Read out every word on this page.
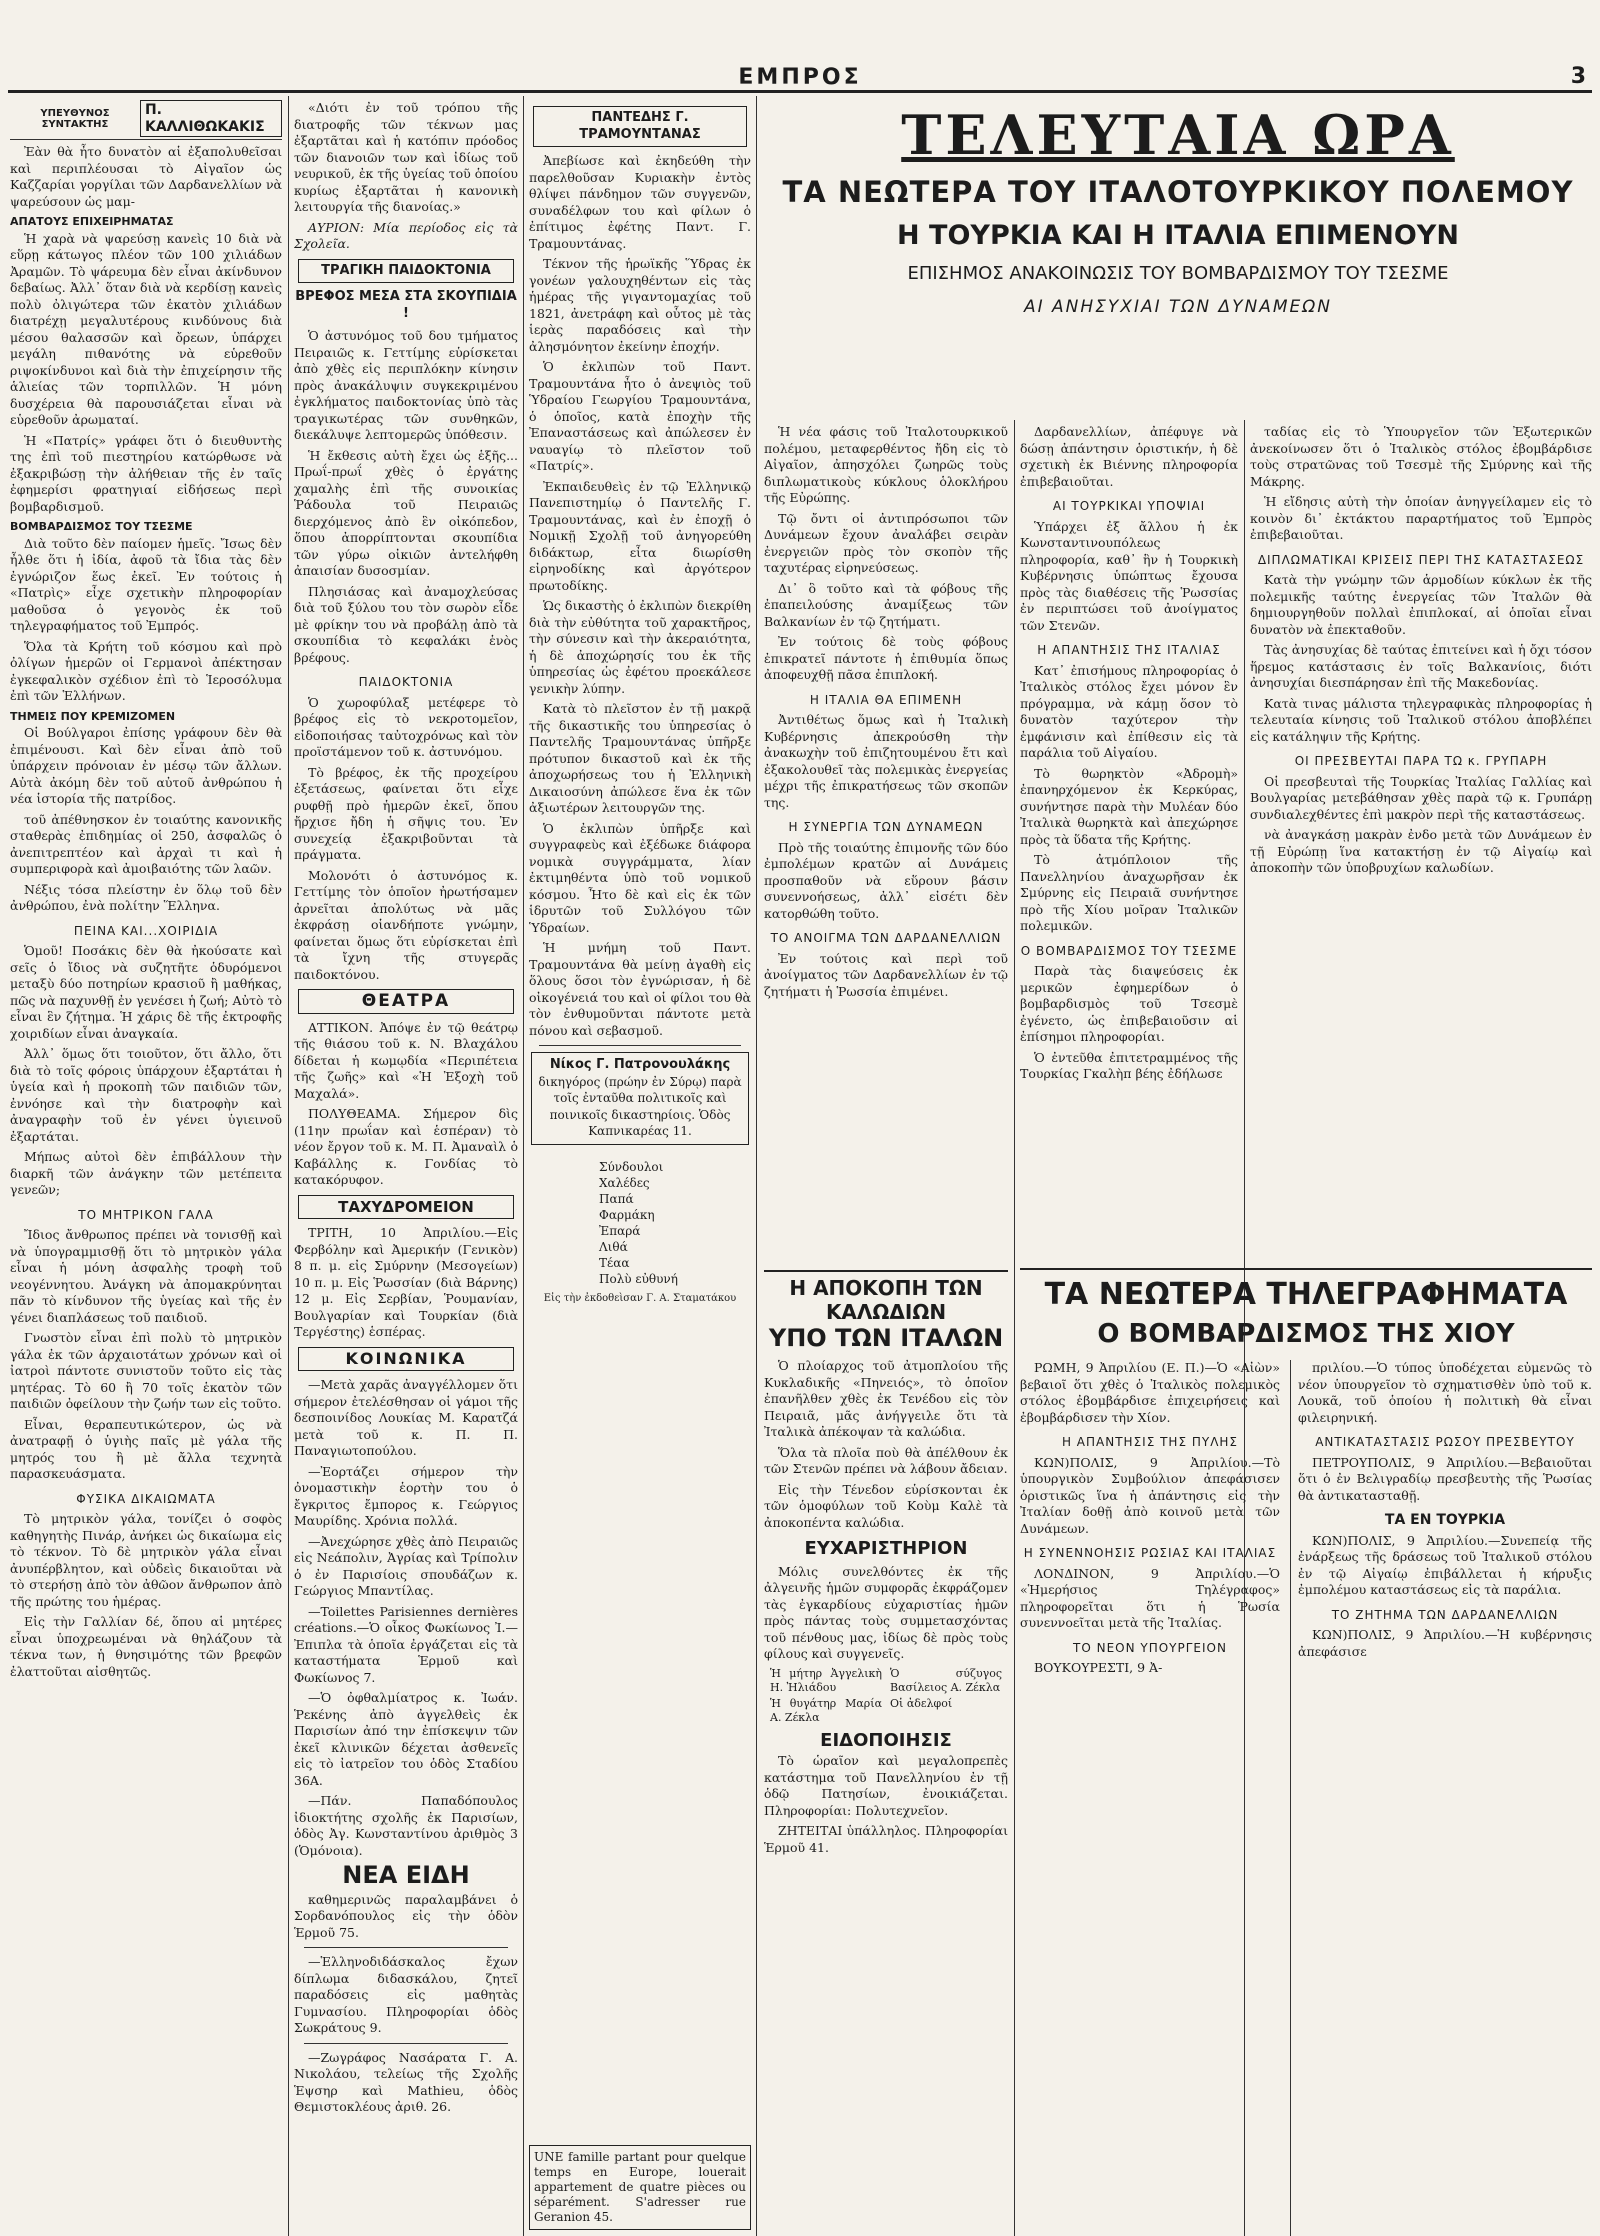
ΕΜΠΡΟΣ	3
ΥΠΕΥΘΥΝΟΣ ΣΥΝΤΑΚΤΗΣ
Π. ΚΑΛΛΙΘΩΚΑΚΙΣ

Ἐὰν θὰ ἦτο δυνατὸν αἱ ἐξαπολυθεῖσαι καὶ περιπλέουσαι τὸ Αἰγαῖον ὡς Καζζαρίαι γοργίλαι τῶν Δαρδανελλίων νὰ ψαρεύσουν ὡς μαμ-

ΑΠΑΤΟΥΣ ΕΠΙΧΕΙΡΗΜΑΤΑΣ

Ἡ χαρὰ νὰ ψαρεύσῃ κανεὶς 10 διὰ νὰ εὕρῃ κάτωγος πλέον τῶν 100 χιλιάδων Ἀραμῶν. Τὸ ψάρευμα δὲν εἶναι ἀκίνδυνον δεβαίως. Ἀλλ᾽ ὅταν διὰ νὰ κερδίσῃ κανεὶς πολὺ ὀλιγώτερα τῶν ἑκατὸν χιλιάδων διατρέχῃ μεγαλυτέρους κινδύνους διὰ μέσου θαλασσῶν καὶ ὄρεων, ὑπάρχει μεγάλη πιθανότης νὰ εὑρεθοῦν ριψοκίνδυνοι καὶ διὰ τὴν ἐπιχείρησιν τῆς ἁλιείας τῶν τορπιλλῶν. Ἡ μόνη δυσχέρεια θὰ παρουσιάζεται εἶναι νὰ εὑρεθοῦν ἀρωματαί.

Ἡ «Πατρίς» γράφει ὅτι ὁ διευθυντὴς της ἐπὶ τοῦ πιεστηρίου κατώρθωσε νὰ ἐξακριβώσῃ τὴν ἀλήθειαν τῆς ἐν ταῖς ἐφημερίσι φρατηγιαί εἰδήσεως περὶ βομβαρδισμοῦ.

ΒΟΜΒΑΡΔΙΣΜΟΣ ΤΟΥ ΤΣΕΣΜΕ

Διὰ τοῦτο δὲν παίομεν ἡμεῖς. Ἴσως δὲν ἦλθε ὅτι ἡ ἰδία, ἀφοῦ τὰ ἴδια τὰς δὲν ἐγνώριζον ἕως ἐκεῖ. Ἐν τούτοις ἡ «Πατρὶς» εἶχε σχετικὴν πληροφορίαν μαθοῦσα ὁ γεγονὸς ἐκ τοῦ τηλεγραφήματος τοῦ Ἐμπρός.

Ὅλα τὰ Κρήτη τοῦ κόσμου καὶ πρὸ ὀλίγων ἡμερῶν οἱ Γερμανοὶ ἀπέκτησαν ἐγκεφαλικὸν σχέδιον ἐπὶ τὸ Ἱεροσόλυμα ἐπὶ τῶν Ἑλλήνων.

ΤΗΜΕΙΣ ΠΟΥ ΚΡΕΜΙΖΟΜΕΝ

Οἱ Βούλγαροι ἐπίσης γράφουν δὲν θὰ ἐπιμένουσι. Καὶ δὲν εἶναι ἀπὸ τοῦ ὑπάρχειν πρόνοιαν ἐν μέσῳ τῶν ἄλλων. Αὐτὰ ἀκόμη δὲν τοῦ αὐτοῦ ἀνθρώπου ἡ νέα ἱστορία τῆς πατρίδος.

τοῦ ἀπέθνησκον ἐν τοιαύτης κανονικῆς σταθερὰς ἐπιδημίας οἱ 250, ἀσφαλῶς ὁ ἀνεπιτρεπτέον καὶ ἀρχαὶ τι καὶ ἡ συμπεριφορὰ καὶ ἀμοιβαιότης τῶν λαῶν.

Νέξις τόσα πλείστην ἐν ὅλῳ τοῦ δὲν ἀνθρώπου, ἐνὰ πολίτην Ἕλληνα.

ΠΕΙΝΑ ΚΑΙ...ΧΟΙΡΙΔΙΑ

Ὁμοῦ! Ποσάκις δὲν θὰ ἠκούσατε καὶ σεῖς ὁ ἴδιος νὰ συζητῆτε ὁδυρόμενοι μεταξὺ δύο ποτηρίων κρασιοῦ ἢ μαθήκας, πῶς νὰ παχυνθῇ ἐν γενέσει ἡ ζωή; Αὐτὸ τὸ εἶναι ἓν ζήτημα. Ἡ χάρις δὲ τῆς ἐκτροφῆς χοιριδίων εἶναι ἀναγκαία.

Ἀλλ᾽ ὅμως ὅτι τοιοῦτον, ὅτι ἄλλο, ὅτι διὰ τὸ τοῖς φόροις ὑπάρχουν ἐξαρτάται ἡ ὑγεία καὶ ἡ προκοπὴ τῶν παιδιῶν τῶν, ἐννόησε καὶ τὴν διατροφὴν καὶ ἀναγραφὴν τοῦ ἐν γένει ὑγιεινοῦ ἐξαρτάται.

Μήπως αὐτοὶ δὲν ἐπιβάλλουν τὴν διαρκῆ τῶν ἀνάγκην τῶν μετέπειτα γενεῶν;

ΤΟ ΜΗΤΡΙΚΟΝ ΓΑΛΑ

Ἴδιος ἄνθρωπος πρέπει νὰ τονισθῇ καὶ νὰ ὑπογραμμισθῇ ὅτι τὸ μητρικὸν γάλα εἶναι ἡ μόνη ἀσφαλὴς τροφὴ τοῦ νεογέννητου. Ἀνάγκη νὰ ἀπομακρύνηται πᾶν τὸ κίνδυνον τῆς ὑγείας καὶ τῆς ἐν γένει διαπλάσεως τοῦ παιδιοῦ.

Γνωστὸν εἶναι ἐπὶ πολὺ τὸ μητρικὸν γάλα ἐκ τῶν ἀρχαιοτάτων χρόνων καὶ οἱ ἰατροὶ πάντοτε συνιστοῦν τοῦτο εἰς τὰς μητέρας. Τὸ 60 ἢ 70 τοῖς ἑκατὸν τῶν παιδιῶν ὀφείλουν τὴν ζωήν των εἰς τοῦτο.

Εἶναι, θεραπευτικώτερον, ὡς νὰ ἀνατραφῇ ὁ ὑγιὴς παῖς μὲ γάλα τῆς μητρός του ἢ μὲ ἄλλα τεχνητὰ παρασκευάσματα.

ΦΥΣΙΚΑ ΔΙΚΑΙΩΜΑΤΑ

Τὸ μητρικὸν γάλα, τονίζει ὁ σοφὸς καθηγητὴς Πινάρ, ἀνήκει ὡς δικαίωμα εἰς τὸ τέκνον. Τὸ δὲ μητρικὸν γάλα εἶναι ἀνυπέρβλητον, καὶ οὐδεὶς δικαιοῦται νὰ τὸ στερήσῃ ἀπὸ τὸν ἀθῶον ἄνθρωπον ἀπὸ τῆς πρώτης του ἡμέρας.

Εἰς τὴν Γαλλίαν δέ, ὅπου αἱ μητέρες εἶναι ὑποχρεωμέναι νὰ θηλάζουν τὰ τέκνα των, ἡ θνησιμότης τῶν βρεφῶν ἐλαττοῦται αἰσθητῶς.

«Διότι ἐν τοῦ τρόπου τῆς διατροφῆς τῶν τέκνων μας ἐξαρτᾶται καὶ ἡ κατόπιν πρόοδος τῶν διανοιῶν των καὶ ἰδίως τοῦ νευρικοῦ, ἐκ τῆς ὑγείας τοῦ ὁποίου κυρίως ἐξαρτᾶται ἡ κανονικὴ λειτουργία τῆς διανοίας.»

ΑΥΡΙΟΝ: Μία περίοδος εἰς τὰ Σχολεῖα.

ΤΡΑΓΙΚΗ ΠΑΙΔΟΚΤΟΝΙΑ
ΒΡΕΦΟΣ ΜΕΣΑ ΣΤΑ ΣΚΟΥΠΙΔΙΑ !

Ὁ ἀστυνόμος τοῦ δου τμήματος Πειραιῶς κ. Γεττίμης εὑρίσκεται ἀπὸ χθὲς εἰς περιπλόκην κίνησιν πρὸς ἀνακάλυψιν συγκεκριμένου ἐγκλήματος παιδοκτονίας ὑπὸ τὰς τραγικωτέρας τῶν συνθηκῶν, διεκάλυψε λεπτομερῶς ὑπόθεσιν.

Ἡ ἔκθεσις αὐτὴ ἔχει ὡς ἑξῆς... Πρωΐ-πρωΐ χθὲς ὁ ἐργάτης χαμαλὴς ἐπὶ τῆς συνοικίας Ῥάδουλα τοῦ Πειραιῶς διερχόμενος ἀπὸ ἓν οἰκόπεδον, ὅπου ἀπορρίπτονται σκουπίδια τῶν γύρω οἰκιῶν ἀντελήφθη ἀπαισίαν δυσοσμίαν.

Πλησιάσας καὶ ἀναμοχλεύσας διὰ τοῦ ξύλου του τὸν σωρὸν εἶδε μὲ φρίκην του νὰ προβάλῃ ἀπὸ τὰ σκουπίδια τὸ κεφαλάκι ἑνὸς βρέφους.

ΠΑΙΔΟΚΤΟΝΙΑ

Ὁ χωροφύλαξ μετέφερε τὸ βρέφος εἰς τὸ νεκροτομεῖον, εἰδοποιήσας ταὐτοχρόνως καὶ τὸν προϊστάμενον τοῦ κ. ἀστυνόμου.

Τὸ βρέφος, ἐκ τῆς πρoχείρου ἐξετάσεως, φαίνεται ὅτι εἶχε ρυφθῇ πρὸ ἡμερῶν ἐκεῖ, ὅπου ἤρχισε ἤδη ἡ σῆψις του. Ἐν συνεχείᾳ ἐξακριβοῦνται τὰ πράγματα.

Μολονότι ὁ ἀστυνόμος κ. Γεττίμης τὸν ὁποῖον ἠρωτήσαμεν ἀρνεῖται ἀπολύτως νὰ μᾶς ἐκφράσῃ οἱανδήποτε γνώμην, φαίνεται ὅμως ὅτι εὑρίσκεται ἐπὶ τὰ ἴχνη τῆς στυγερᾶς παιδοκτόνου.

ΘΕΑΤΡΑ

ΑΤΤΙΚΟΝ. Ἀπόψε ἐν τῷ θεάτρῳ τῆς θιάσου τοῦ κ. Ν. Βλαχάλου δίδεται ἡ κωμῳδία «Περιπέτεια τῆς ζωῆς» καὶ «Ἡ Ἐξοχὴ τοῦ Μαχαλά».

ΠΟΛΥΘΕΑΜΑ. Σήμερον δὶς (11ην πρωΐαν καὶ ἑσπέραν) τὸ νέον ἔργον τοῦ κ. Μ. Π. Ἀμαναὶλ ὁ Καβάλλης κ. Γονδίας τὸ κατακόρυφον.

ΤΑΧΥΔΡΟΜΕΙΟΝ

ΤΡΙΤΗ, 10 Ἀπριλίου.—Εἰς Φερβόλην καὶ Ἀμερικήν (Γενικὸν) 8 π. μ. εἰς Σμύρνην (Μεσογείων) 10 π. μ. Εἰς Ῥωσσίαν (διὰ Βάρνης) 12 μ. Εἰς Σερβίαν, Ῥουμανίαν, Βουλγαρίαν καὶ Τουρκίαν (διὰ Τεργέστης) ἑσπέρας.

ΚΟΙΝΩΝΙΚΑ

—Μετὰ χαρᾶς ἀναγγέλλομεν ὅτι σήμερον ἐτελέσθησαν οἱ γάμοι τῆς δεσποινίδος Λουκίας Μ. Καρατζά μετὰ τοῦ κ. Π. Π. Παναγιωτοπούλου.

—Ἐορτάζει σήμερον τὴν ὀνομαστικὴν ἑορτὴν του ὁ ἔγκριτος ἔμπορος κ. Γεώργιος Μαυρίδης. Χρόνια πολλά.

—Ἀνεχώρησε χθὲς ἀπὸ Πειραιῶς εἰς Νεάπολιν, Ἀγρίας καὶ Τρίπολιν ὁ ἐν Παρισίοις σπουδάζων κ. Γεώργιος Μπαντίλας.

—Toilettes Parisiennes dernières créations.—Ὁ οἶκος Φωκίωνος Ἰ.—Ἐπιπλα τὰ ὁποῖα ἐργάζεται εἰς τὰ καταστήματα Ἑρμοῦ καὶ Φωκίωνος 7.

—Ὁ ὀφθαλμίατρος κ. Ἰωάν. Ῥεκένης ἀπὸ ἀγγελθεὶς ἐκ Παρισίων ἀπό την ἐπίσκεψιν τῶν ἐκεῖ κλινικῶν δέχεται ἀσθενεῖς εἰς τὸ ἰατρεῖον του ὁδὸς Σταδίου 36Α.

—Πάν. Παπαδόπουλος ἰδιοκτήτης σχολῆς ἐκ Παρισίων, ὁδὸς Ἀγ. Κωνσταντίνου ἀριθμὸς 3 (Ὁμόνοια).

ΝΕΑ ΕΙΔΗ

καθημερινῶς παραλαμβάνει ὁ Σορδανόπουλος εἰς τὴν ὁδὸν Ἑρμοῦ 75.

—Ἑλληνοδιδάσκαλος ἔχων δίπλωμα διδασκάλου, ζητεῖ παραδόσεις εἰς μαθητὰς Γυμνασίου. Πληροφορίαι ὁδὸς Σωκράτους 9.

—Ζωγράφος Νασάρατα Γ. Α. Νικολάου, τελείως τῆς Σχολῆς Ἑψσηρ καὶ Mathieu, ὁδὸς Θεμιστοκλέους ἀριθ. 26.

ΠΑΝΤΕΔΗΣ Γ. ΤΡΑΜΟΥΝΤΑΝΑΣ

Ἀπεβίωσε καὶ ἐκηδεύθη τὴν παρελθοῦσαν Κυριακὴν ἐντὸς θλίψει πάνδημον τῶν συγγενῶν, συναδέλφων του καὶ φίλων ὁ ἐπίτιμος ἐφέτης Παντ. Γ. Τραμουντάνας.

Τέκνον τῆς ἡρωϊκῆς Ὕδρας ἐκ γονέων γαλουχηθέντων εἰς τὰς ἡμέρας τῆς γιγαντομαχίας τοῦ 1821, ἀνετράφη καὶ οὗτος μὲ τὰς ἱερὰς παραδόσεις καὶ τὴν ἀλησμόνητον ἐκείνην ἐποχήν.

Ὁ ἐκλιπὼν τοῦ Παντ. Τραμουντάνα ἦτο ὁ ἀνεψιὸς τοῦ Ὑδραίου Γεωργίου Τραμουντάνα, ὁ ὁποῖος, κατὰ ἐποχὴν τῆς Ἐπαναστάσεως καὶ ἀπώλεσεν ἐν ναυαγίῳ τὸ πλεῖστον τοῦ «Πατρίς».

Ἐκπαιδευθεὶς ἐν τῷ Ἑλληνικῷ Πανεπιστημίῳ ὁ Παντελῆς Γ. Τραμουντάνας, καὶ ἐν ἐποχῇ ὁ Νομικῇ Σχολῇ τοῦ ἀνηγορεύθη διδάκτωρ, εἶτα διωρίσθη εἰρηνοδίκης καὶ ἀργότερον πρωτοδίκης.

Ὡς δικαστὴς ὁ ἐκλιπὼν διεκρίθη διὰ τὴν εὐθύτητα τοῦ χαρακτῆρος, τὴν σύνεσιν καὶ τὴν ἀκεραιότητα, ἡ δὲ ἀποχώρησίς του ἐκ τῆς ὑπηρεσίας ὡς ἐφέτου προεκάλεσε γενικὴν λύπην.

Κατὰ τὸ πλεῖστον ἐν τῇ μακρᾷ τῆς δικαστικῆς του ὑπηρεσίας ὁ Παντελῆς Τραμουντάνας ὑπῆρξε πρότυπον δικαστοῦ καὶ ἐκ τῆς ἀποχωρήσεως του ἡ Ἑλληνικὴ Δικαιοσύνη ἀπώλεσε ἕνα ἐκ τῶν ἀξιωτέρων λειτουργῶν της.

Ὁ ἐκλιπὼν ὑπῆρξε καὶ συγγραφεὺς καὶ ἐξέδωκε διάφορα νομικὰ συγγράμματα, λίαν ἐκτιμηθέντα ὑπὸ τοῦ νομικοῦ κόσμου. Ἦτο δὲ καὶ εἰς ἐκ τῶν ἱδρυτῶν τοῦ Συλλόγου τῶν Ὑδραίων.

Ἡ μνήμη τοῦ Παντ. Τραμουντάνα θὰ μείνῃ ἀγαθὴ εἰς ὅλους ὅσοι τὸν ἐγνώρισαν, ἡ δὲ οἰκογένειά του καὶ οἱ φίλοι του θὰ τὸν ἐνθυμοῦνται πάντοτε μετὰ πόνου καὶ σεβασμοῦ.

Νίκος Γ. Πατρονουλάκης
δικηγόρος (πρώην ἐν Σύρῳ) παρὰ τοῖς ἐνταῦθα πολιτικοῖς καὶ ποινικοῖς δικαστηρίοις. Ὁδὸς Καπνικαρέας 11.
Σύνδουλοι
Χαλέδες
Παπά
Φαρμάκη
Ἐπαρά
Λιθά
Τέαα
Πολὺ εὐθυνή
Εἰς τὴν ἐκδοθεὶσαν Γ. Α. Σταματάκου
UNE famille partant pour quelque temps en Europe, louerait appartement de quatre pièces ou séparément. S'adresser rue Geranion 45.
ΤΕΛΕΥΤΑΙΑ ΩΡΑ
ΤΑ ΝΕΩΤΕΡΑ ΤΟΥ ΙΤΑΛΟΤΟΥΡΚΙΚΟΥ ΠΟΛΕΜΟΥ
Η ΤΟΥΡΚΙΑ ΚΑΙ Η ΙΤΑΛΙΑ ΕΠΙΜΕΝΟΥΝ
ΕΠΙΣΗΜΟΣ ΑΝΑΚΟΙΝΩΣΙΣ ΤΟΥ ΒΟΜΒΑΡΔΙΣΜΟΥ ΤΟΥ ΤΣΕΣΜΕ
ΑΙ ΑΝΗΣΥΧΙΑΙ ΤΩΝ ΔΥΝΑΜΕΩΝ

Ἡ νέα φάσις τοῦ Ἰταλοτουρκικοῦ πολέμου, μεταφερθέντος ἤδη εἰς τὸ Αἰγαῖον, ἀπησχόλει ζωηρῶς τοὺς διπλωματικοὺς κύκλους ὁλοκλήρου τῆς Εὐρώπης.

Τῷ ὄντι οἱ ἀντιπρόσωποι τῶν Δυνάμεων ἔχουν ἀναλάβει σειρὰν ἐνεργειῶν πρὸς τὸν σκοπὸν τῆς ταχυτέρας εἰρηνεύσεως.

Δι᾽ ὃ τοῦτο καὶ τὰ φόβους τῆς ἐπαπειλούσης ἀναμίξεως τῶν Βαλκανίων ἐν τῷ ζητήματι.

Ἐν τούτοις δὲ τοὺς φόβους ἐπικρατεῖ πάντοτε ἡ ἐπιθυμία ὅπως ἀποφευχθῇ πᾶσα ἐπιπλοκή.

Η ΙΤΑΛΙΑ ΘΑ ΕΠΙΜΕΝΗ

Ἀντιθέτως ὅμως καὶ ἡ Ἰταλικὴ Κυβέρνησις ἀπεκρούσθη τὴν ἀνακωχὴν τοῦ ἐπιζητουμένου ἔτι καὶ ἐξακολουθεῖ τὰς πολεμικὰς ἐνεργείας μέχρι τῆς ἐπικρατήσεως τῶν σκοπῶν της.

Η ΣΥΝΕΡΓΙΑ ΤΩΝ ΔΥΝΑΜΕΩΝ

Πρὸ τῆς τοιαύτης ἐπιμονῆς τῶν δύο ἐμπολέμων κρατῶν αἱ Δυνάμεις προσπαθοῦν νὰ εὕρουν βάσιν συνεννοήσεως, ἀλλ᾽ εἰσέτι δὲν κατορθώθη τοῦτο.

ΤΟ ΑΝΟΙΓΜΑ ΤΩΝ ΔΑΡΔΑΝΕΛΛΙΩΝ

Ἐν τούτοις καὶ περὶ τοῦ ἀνοίγματος τῶν Δαρδανελλίων ἐν τῷ ζητήματι ἡ Ῥωσσία ἐπιμένει.

Δαρδανελλίων, ἀπέφυγε νὰ δώσῃ ἀπάντησιν ὁριστικήν, ἡ δὲ σχετικὴ ἐκ Βιέννης πληροφορία ἐπιβεβαιοῦται.

ΑΙ ΤΟΥΡΚΙΚΑΙ ΥΠΟΨΙΑΙ

Ὑπάρχει ἐξ ἄλλου ἡ ἐκ Κωνσταντινουπόλεως πληροφορία, καθ᾽ ἣν ἡ Τουρκικὴ Κυβέρνησις ὑπώπτως ἔχουσα πρὸς τὰς διαθέσεις τῆς Ῥωσσίας ἐν περιπτώσει τοῦ ἀνοίγματος τῶν Στενῶν.

Η ΑΠΑΝΤΗΣΙΣ ΤΗΣ ΙΤΑΛΙΑΣ

Κατ᾽ ἐπισήμους πληροφορίας ὁ Ἰταλικὸς στόλος ἔχει μόνον ἓν πρόγραμμα, νὰ κάμῃ ὅσον τὸ δυνατὸν ταχύτερον τὴν ἐμφάνισιν καὶ ἐπίθεσιν εἰς τὰ παράλια τοῦ Αἰγαίου.

Τὸ θωρηκτὸν «Ἀδρομὴ» ἐπανηρχόμενον ἐκ Κερκύρας, συνήντησε παρὰ τὴν Μυλέαν δύο Ἰταλικὰ θωρηκτὰ καὶ ἀπεχώρησε πρὸς τὰ ὕδατα τῆς Κρήτης.

Τὸ ἀτμόπλοιον τῆς Πανελληνίου ἀναχωρῆσαν ἐκ Σμύρνης εἰς Πειραιᾶ συνήντησε πρὸ τῆς Χίου μοῖραν Ἰταλικῶν πολεμικῶν.

Ο ΒΟΜΒΑΡΔΙΣΜΟΣ ΤΟΥ ΤΣΕΣΜΕ

Παρὰ τὰς διαψεύσεις ἐκ μερικῶν ἐφημερίδων ὁ βομβαρδισμὸς τοῦ Τσεσμὲ ἐγένετο, ὡς ἐπιβεβαιοῦσιν αἱ ἐπίσημοι πληροφορίαι.

Ὁ ἐντεῦθα ἐπιτετραμμένος τῆς Τουρκίας Γκαλὴπ βέης ἐδήλωσε

ταδίας εἰς τὸ Ὑπουργεῖον τῶν Ἐξωτερικῶν ἀνεκοίνωσεν ὅτι ὁ Ἰταλικὸς στόλος ἐβομβάρδισε τοὺς στρατῶνας τοῦ Τσεσμὲ τῆς Σμύρνης καὶ τῆς Μάκρης.

Ἡ εἴδησις αὐτὴ τὴν ὁποίαν ἀνηγγείλαμεν εἰς τὸ κοινὸν δι᾽ ἐκτάκτου παραρτήματος τοῦ Ἐμπρὸς ἐπιβεβαιοῦται.

ΔΙΠΛΩΜΑΤΙΚΑΙ ΚΡΙΣΕΙΣ ΠΕΡΙ ΤΗΣ ΚΑΤΑΣΤΑΣΕΩΣ

Κατὰ τὴν γνώμην τῶν ἁρμοδίων κύκλων ἐκ τῆς πολεμικῆς ταύτης ἐνεργείας τῶν Ἰταλῶν θὰ δημιουργηθοῦν πολλαὶ ἐπιπλοκαί, αἱ ὁποῖαι εἶναι δυνατὸν νὰ ἐπεκταθοῦν.

Τὰς ἀνησυχίας δὲ ταύτας ἐπιτείνει καὶ ἡ ὄχι τόσον ἥρεμος κατάστασις ἐν τοῖς Βαλκανίοις, διότι ἀνησυχίαι διεσπάρησαν ἐπὶ τῆς Μακεδονίας.

Κατὰ τινας μάλιστα τηλεγραφικὰς πληροφορίας ἡ τελευταία κίνησις τοῦ Ἰταλικοῦ στόλου ἀποβλέπει εἰς κατάληψιν τῆς Κρήτης.

ΟΙ ΠΡΕΣΒΕΥΤΑΙ ΠΑΡΑ ΤΩ κ. ΓΡΥΠΑΡΗ

Οἱ πρεσβευταὶ τῆς Τουρκίας Ἰταλίας Γαλλίας καὶ Βουλγαρίας μετεβάθησαν χθὲς παρὰ τῷ κ. Γρυπάρῃ συνδιαλεχθέντες ἐπὶ μακρὸν περὶ τῆς καταστάσεως.

νὰ ἀναγκάσῃ μακρὰν ἐνδο μετὰ τῶν Δυνάμεων ἐν τῇ Εὐρώπῃ ἵνα κατακτήσῃ ἐν τῷ Αἰγαίῳ καὶ ἀποκοπὴν τῶν ὑποβρυχίων καλωδίων.

Η ΑΠΟΚΟΠΗ ΤΩΝ ΚΑΛΩΔΙΩΝ
ΥΠΟ ΤΩΝ ΙΤΑΛΩΝ

Ὁ πλοίαρχος τοῦ ἀτμοπλοίου τῆς Κυκλαδικῆς «Πηνειός», τὸ ὁποῖον ἐπανῆλθεν χθὲς ἐκ Τενέδου εἰς τὸν Πειραιᾶ, μᾶς ἀνήγγειλε ὅτι τὰ Ἰταλικὰ ἀπέκοψαν τὰ καλώδια.

Ὅλα τὰ πλοῖα ποὺ θὰ ἀπέλθουν ἐκ τῶν Στενῶν πρέπει νὰ λάβουν ἄδειαν.

Εἰς τὴν Τένεδον εὑρίσκονται ἐκ τῶν ὁμοφύλων τοῦ Κοὺμ Καλὲ τὰ ἀποκοπέντα καλώδια.

ΕΥΧΑΡΙΣΤΗΡΙΟΝ

Μόλις συνελθόντες ἐκ τῆς ἀλγεινῆς ἡμῶν συμφορᾶς ἐκφράζομεν τὰς ἐγκαρδίους εὐχαριστίας ἡμῶν πρὸς πάντας τοὺς συμμετασχόντας τοῦ πένθους μας, ἰδίως δὲ πρὸς τοὺς φίλους καὶ συγγενεῖς.

Ἡ μήτηρ Ἀγγελικὴ Η. Ἠλιάδου
Ὁ σύζυγος Βασίλειος Α. Ζέκλα
Ἡ θυγάτηρ Μαρία Α. Ζέκλα
Οἱ ἀδελφοί
ΕΙΔΟΠΟΙΗΣΙΣ

Τὸ ὡραῖον καὶ μεγαλοπρεπὲς κατάστημα τοῦ Πανελληνίου ἐν τῇ ὁδῷ Πατησίων, ἐνοικιάζεται. Πληροφορίαι: Πολυτεχνεῖον.

ΖΗΤΕΙΤΑΙ ὑπάλληλος. Πληροφορίαι Ἑρμοῦ 41.

ΤΑ ΝΕΩΤΕΡΑ ΤΗΛΕΓΡΑΦΗΜΑΤΑ
Ο ΒΟΜΒΑΡΔΙΣΜΟΣ ΤΗΣ ΧΙΟΥ

ΡΩΜΗ, 9 Ἀπριλίου (Ε. Π.)—Ὁ «Αἰὼν» βεβαιοῖ ὅτι χθὲς ὁ Ἰταλικὸς πολεμικὸς στόλος ἐβομβάρδισε ἐπιχειρήσεις καὶ ἐβομβάρδισεν τὴν Χίον.

Η ΑΠΑΝΤΗΣΙΣ ΤΗΣ ΠΥΛΗΣ

ΚΩΝ)ΠΟΛΙΣ, 9 Ἀπριλίου.—Τὸ ὑπουργικὸν Συμβούλιον ἀπεφάσισεν ὁριστικῶς ἵνα ἡ ἀπάντησις εἰς τὴν Ἰταλίαν δοθῇ ἀπὸ κοινοῦ μετὰ τῶν Δυνάμεων.

Η ΣΥΝΕΝΝΟΗΣΙΣ ΡΩΣΙΑΣ ΚΑΙ ΙΤΑΛΙΑΣ

ΛΟΝΔΙΝΟΝ, 9 Ἀπριλίου.—Ὁ «Ἡμερήσιος Τηλέγραφος» πληροφορεῖται ὅτι ἡ Ῥωσία συνεννοεῖται μετὰ τῆς Ἰταλίας.

ΤΟ ΝΕΟΝ ΥΠΟΥΡΓΕΙΟΝ

ΒΟΥΚΟΥΡΕΣΤΙ, 9 Ἀ-

πριλίου.—Ὁ τύπος ὑποδέχεται εὐμενῶς τὸ νέον ὑπουργεῖον τὸ σχηματισθὲν ὑπὸ τοῦ κ. Λουκᾶ, τοῦ ὁποίου ἡ πολιτικὴ θὰ εἶναι φιλειρηνική.

ΑΝΤΙΚΑΤΑΣΤΑΣΙΣ ΡΩΣΟΥ ΠΡΕΣΒΕΥΤΟΥ

ΠΕΤΡΟΥΠΟΛΙΣ, 9 Ἀπριλίου.—Βεβαιοῦται ὅτι ὁ ἐν Βελιγραδίῳ πρεσβευτὴς τῆς Ῥωσίας θὰ ἀντικατασταθῇ.

ΤΑ ΕΝ ΤΟΥΡΚΙΑ

ΚΩΝ)ΠΟΛΙΣ, 9 Ἀπριλίου.—Συνεπείᾳ τῆς ἐνάρξεως τῆς δράσεως τοῦ Ἰταλικοῦ στόλου ἐν τῷ Αἰγαίῳ ἐπιβάλλεται ἡ κήρυξις ἐμπολέμου καταστάσεως εἰς τὰ παράλια.

ΤΟ ΖΗΤΗΜΑ ΤΩΝ ΔΑΡΔΑΝΕΛΛΙΩΝ

ΚΩΝ)ΠΟΛΙΣ, 9 Ἀπριλίου.—Ἡ κυβέρνησις ἀπεφάσισε
